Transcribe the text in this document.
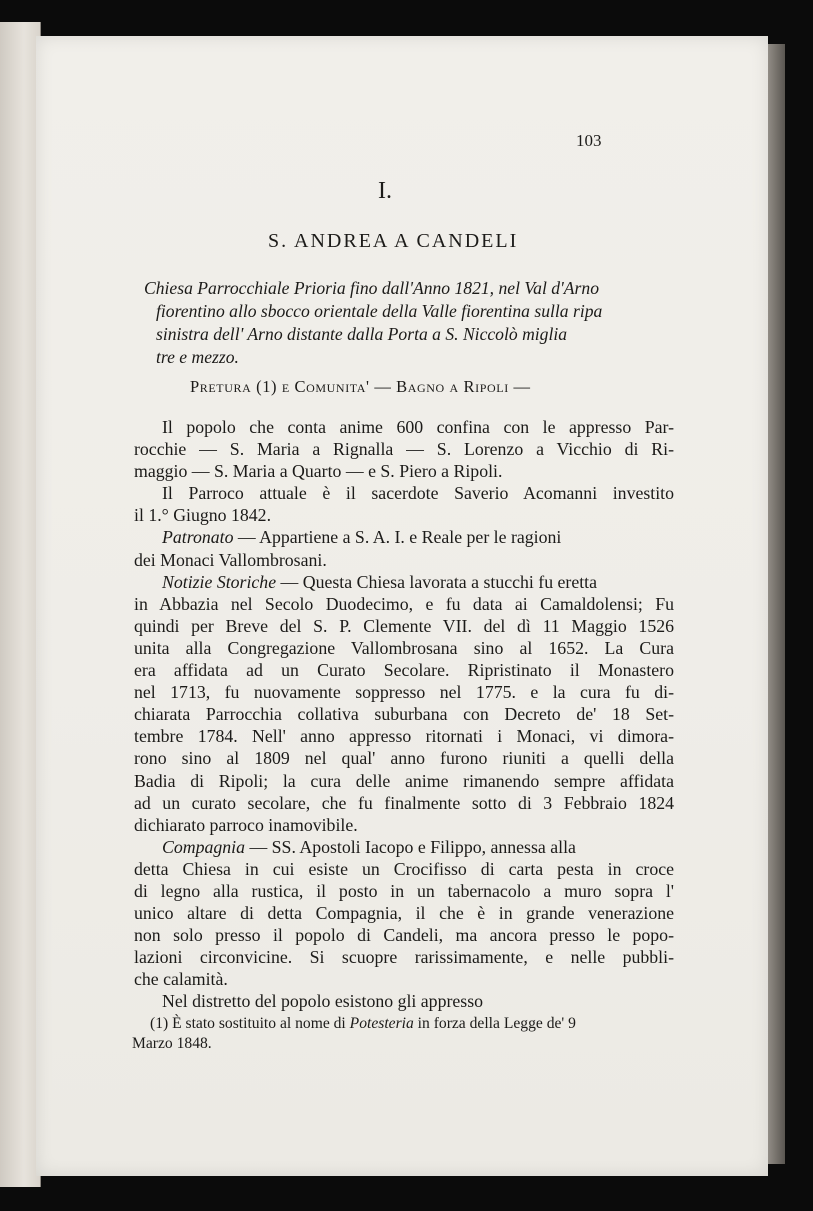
103
I.
S. ANDREA A CANDELI
Chiesa Parrocchiale Prioria fino dall'Anno 1821, nel Val d'Arno
fiorentino allo sbocco orientale della Valle fiorentina sulla ripa
sinistra dell' Arno distante dalla Porta a S. Niccolò miglia
tre e mezzo.
Pretura (1) e Comunita' — Bagno a Ripoli —
Il popolo che conta anime 600 confina con le appresso Par-
rocchie — S. Maria a Rignalla — S. Lorenzo a Vicchio di Ri-
maggio — S. Maria a Quarto — e S. Piero a Ripoli.
Il Parroco attuale è il sacerdote Saverio Acomanni investito
il 1.° Giugno 1842.
Patronato — Appartiene a S. A. I. e Reale per le ragioni
dei Monaci Vallombrosani.
Notizie Storiche — Questa Chiesa lavorata a stucchi fu eretta
in Abbazia nel Secolo Duodecimo, e fu data ai Camaldolensi; Fu
quindi per Breve del S. P. Clemente VII. del dì 11 Maggio 1526
unita alla Congregazione Vallombrosana sino al 1652. La Cura
era affidata ad un Curato Secolare. Ripristinato il Monastero
nel 1713, fu nuovamente soppresso nel 1775. e la cura fu di-
chiarata Parrocchia collativa suburbana con Decreto de' 18 Set-
tembre 1784. Nell' anno appresso ritornati i Monaci, vi dimora-
rono sino al 1809 nel qual' anno furono riuniti a quelli della
Badia di Ripoli; la cura delle anime rimanendo sempre affidata
ad un curato secolare, che fu finalmente sotto di 3 Febbraio 1824
dichiarato parroco inamovibile.
Compagnia — SS. Apostoli Iacopo e Filippo, annessa alla
detta Chiesa in cui esiste un Crocifisso di carta pesta in croce
di legno alla rustica, il posto in un tabernacolo a muro sopra l'
unico altare di detta Compagnia, il che è in grande venerazione
non solo presso il popolo di Candeli, ma ancora presso le popo-
lazioni circonvicine. Si scuopre rarissimamente, e nelle pubbli-
che calamità.
Nel distretto del popolo esistono gli appresso
(1) È stato sostituito al nome di Potesteria in forza della Legge de' 9
Marzo 1848.
